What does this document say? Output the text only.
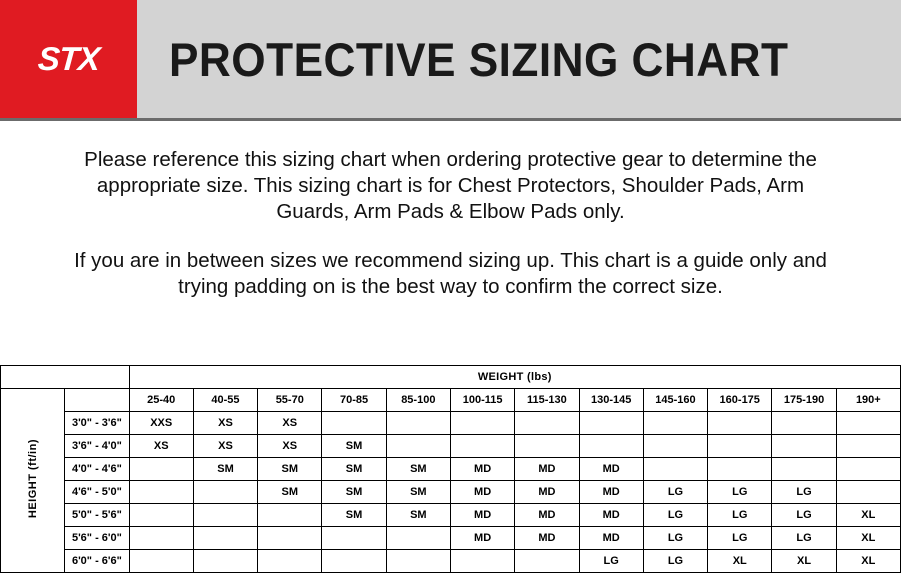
STX	PROTECTIVE SIZING CHART

Please reference this sizing chart when ordering protective gear to determine the appropriate size. This sizing chart is for Chest Protectors, Shoulder Pads, Arm Guards, Arm Pads & Elbow Pads only.

If you are in between sizes we recommend sizing up. This chart is a guide only and trying padding on is the best way to confirm the correct size.

		WEIGHT (lbs)											
HEIGHT (ft/in)		25-40	40-55	55-70	70-85	85-100	100-115	115-130	130-145	145-160	160-175	175-190	190+
	3'0" - 3'6"	XXS	XS	XS									
	3'6" - 4'0"	XS	XS	XS	SM								
	4'0" - 4'6"		SM	SM	SM	SM	MD	MD	MD				
	4'6" - 5'0"			SM	SM	SM	MD	MD	MD	LG	LG	LG	
	5'0" - 5'6"				SM	SM	MD	MD	MD	LG	LG	LG	XL
	5'6" - 6'0"						MD	MD	MD	LG	LG	LG	XL
	6'0" - 6'6"								LG	LG	XL	XL	XL
